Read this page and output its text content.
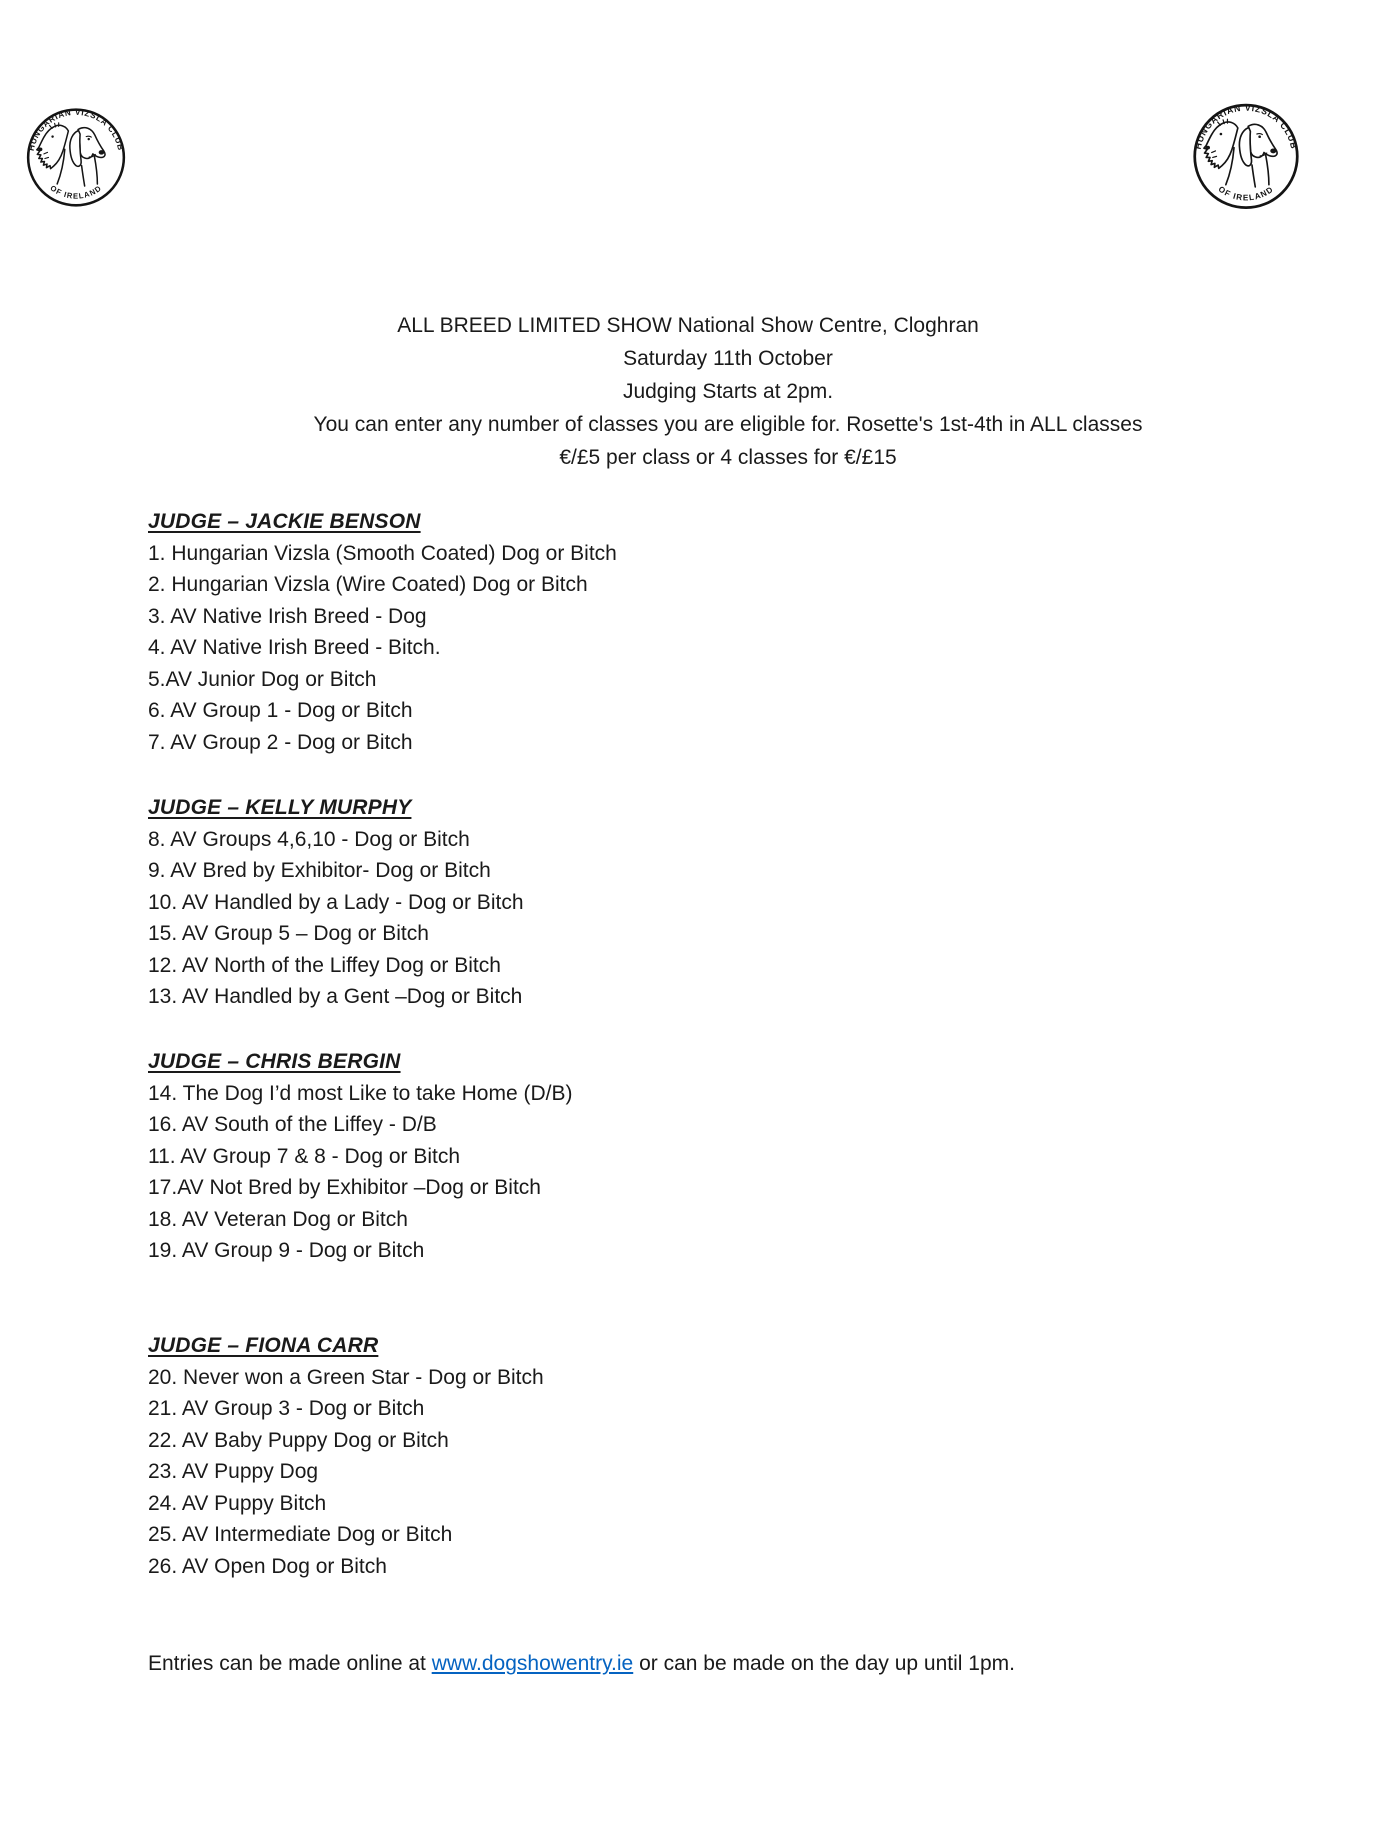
HUNGARIAN VIZSLA CLUB
OF IRELAND
HUNGARIAN VIZSLA CLUB
OF IRELAND
ALL BREED LIMITED SHOW National Show Centre, Cloghran
Saturday 11th October
Judging Starts at 2pm.
You can enter any number of classes you are eligible for. Rosette's 1st-4th in ALL classes
€/£5 per class or 4 classes for €/£15
JUDGE – JACKIE BENSON
1. Hungarian Vizsla (Smooth Coated) Dog or Bitch
2. Hungarian Vizsla (Wire Coated) Dog or Bitch
3. AV Native Irish Breed - Dog
4. AV Native Irish Breed - Bitch.
5.AV Junior Dog or Bitch
6. AV Group 1 - Dog or Bitch
7. AV Group 2 - Dog or Bitch
JUDGE – KELLY MURPHY
8. AV Groups 4,6,10 - Dog or Bitch
9. AV Bred by Exhibitor- Dog or Bitch
10. AV Handled by a Lady - Dog or Bitch
15. AV Group 5 – Dog or Bitch
12. AV North of the Liffey Dog or Bitch
13. AV Handled by a Gent –Dog or Bitch
JUDGE – CHRIS BERGIN
14. The Dog I’d most Like to take Home (D/B)
16. AV South of the Liffey - D/B
11. AV Group 7 & 8 - Dog or Bitch
17.AV Not Bred by Exhibitor –Dog or Bitch
18. AV Veteran Dog or Bitch
19. AV Group 9 - Dog or Bitch
JUDGE – FIONA CARR
20. Never won a Green Star - Dog or Bitch
21. AV Group 3 - Dog or Bitch
22. AV Baby Puppy Dog or Bitch
23. AV Puppy Dog
24. AV Puppy Bitch
25. AV Intermediate Dog or Bitch
26. AV Open Dog or Bitch
Entries can be made online at www.dogshowentry.ie or can be made on the day up until 1pm.
